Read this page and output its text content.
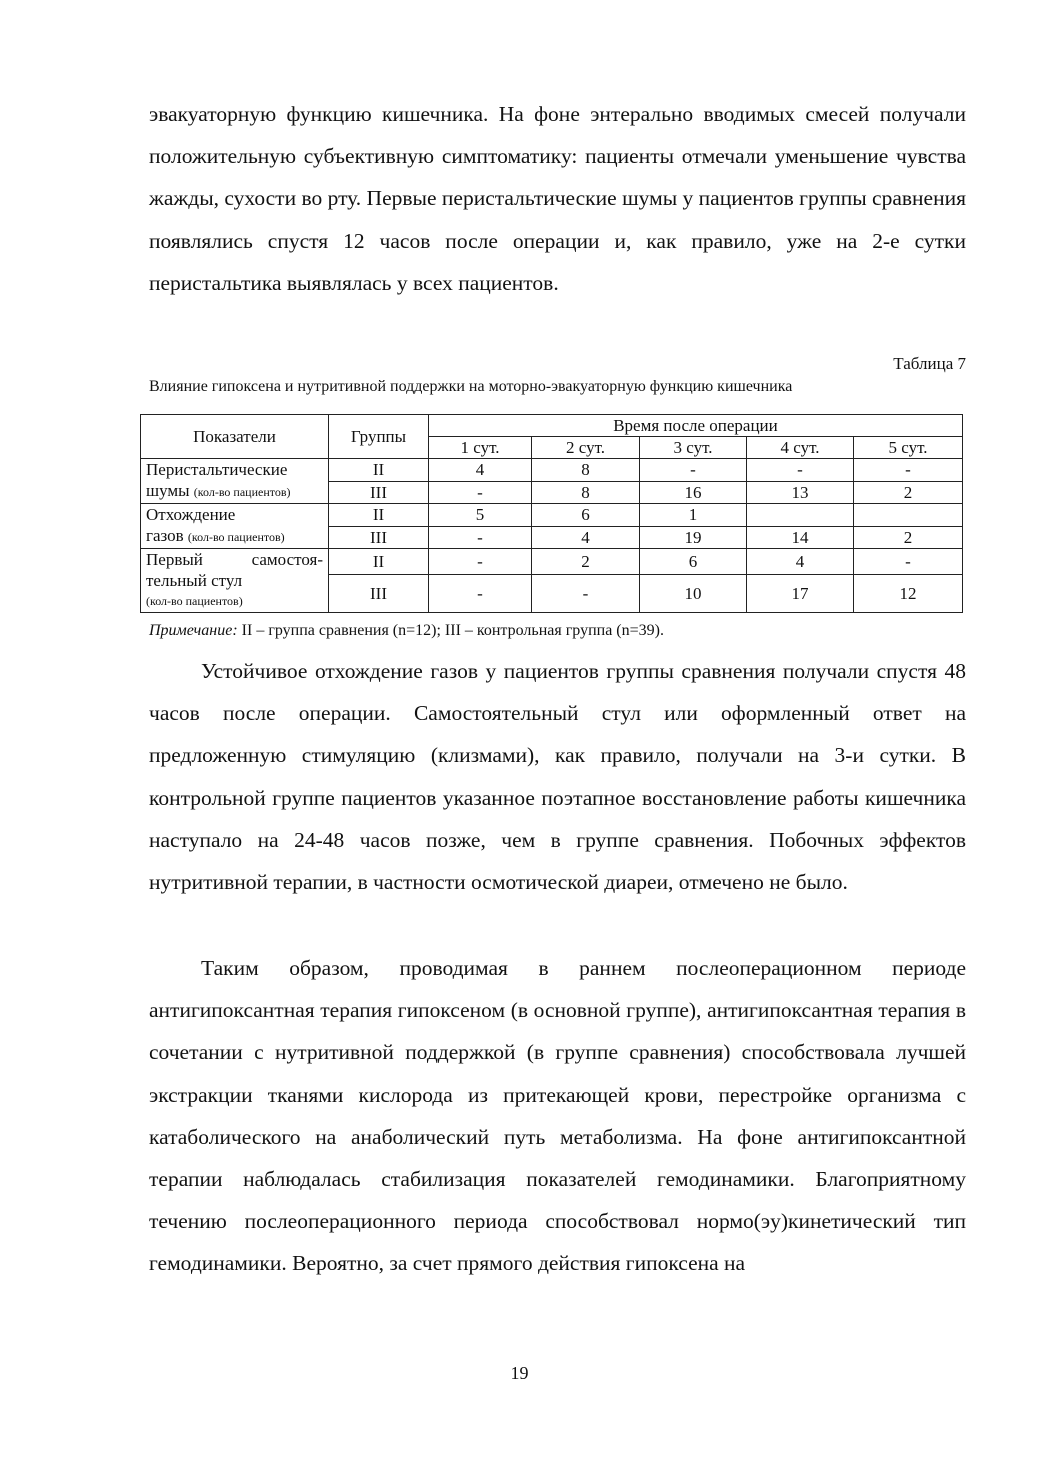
эвакуаторную функцию кишечника. На фоне энтерально вводимых смесей получали положительную субъективную симптоматику: пациенты отмечали уменьшение чувства жажды, сухости во рту. Первые перистальтические шумы у пациентов группы сравнения появлялись спустя 12 часов после операции и, как правило, уже на 2-е сутки перистальтика выявлялась у всех пациентов.

Таблица 7
Влияние гипоксена и нутритивной поддержки на моторно-эвакуаторную функцию кишечника
Показатели	Группы	Время после операции				
		1 сут.	2 сут.	3 сут.	4 сут.	5 сут.

Перистальтические
шумы (кол-во пациентов)	II	4	8	-	-	-
	III	-	8	16	13	2

Отхождение
газов (кол-во пациентов)	II	5	6	1		
	III	-	4	19	14	2

Первый самостоя-
тельный стул
(кол-во пациентов)	II	-	2	6	4	-
	III	-	-	10	17	12
Примечание: II – группа сравнения (n=12); III – контрольная группа (n=39).

Устойчивое отхождение газов у пациентов группы сравнения получали спустя 48 часов после операции. Самостоятельный стул или оформленный ответ на предложенную стимуляцию (клизмами), как правило, получали на 3-и сутки. В контрольной группе пациентов указанное поэтапное восстановление работы кишечника наступало на 24-48 часов позже, чем в группе сравнения. Побочных эффектов нутритивной терапии, в частности осмотической диареи, отмечено не было.

Таким образом, проводимая в раннем послеоперационном периоде антигипоксантная терапия гипоксеном (в основной группе), антигипоксантная терапия в сочетании с нутритивной поддержкой (в группе сравнения) способствовала лучшей экстракции тканями кислорода из притекающей крови, перестройке организма с катаболического на анаболический путь метаболизма. На фоне антигипоксантной терапии наблюдалась стабилизация показателей гемодинамики. Благоприятному течению послеоперационного периода способствовал нормо(эу)кинетический тип гемодинамики. Вероятно, за счет прямого действия гипоксена на

19
